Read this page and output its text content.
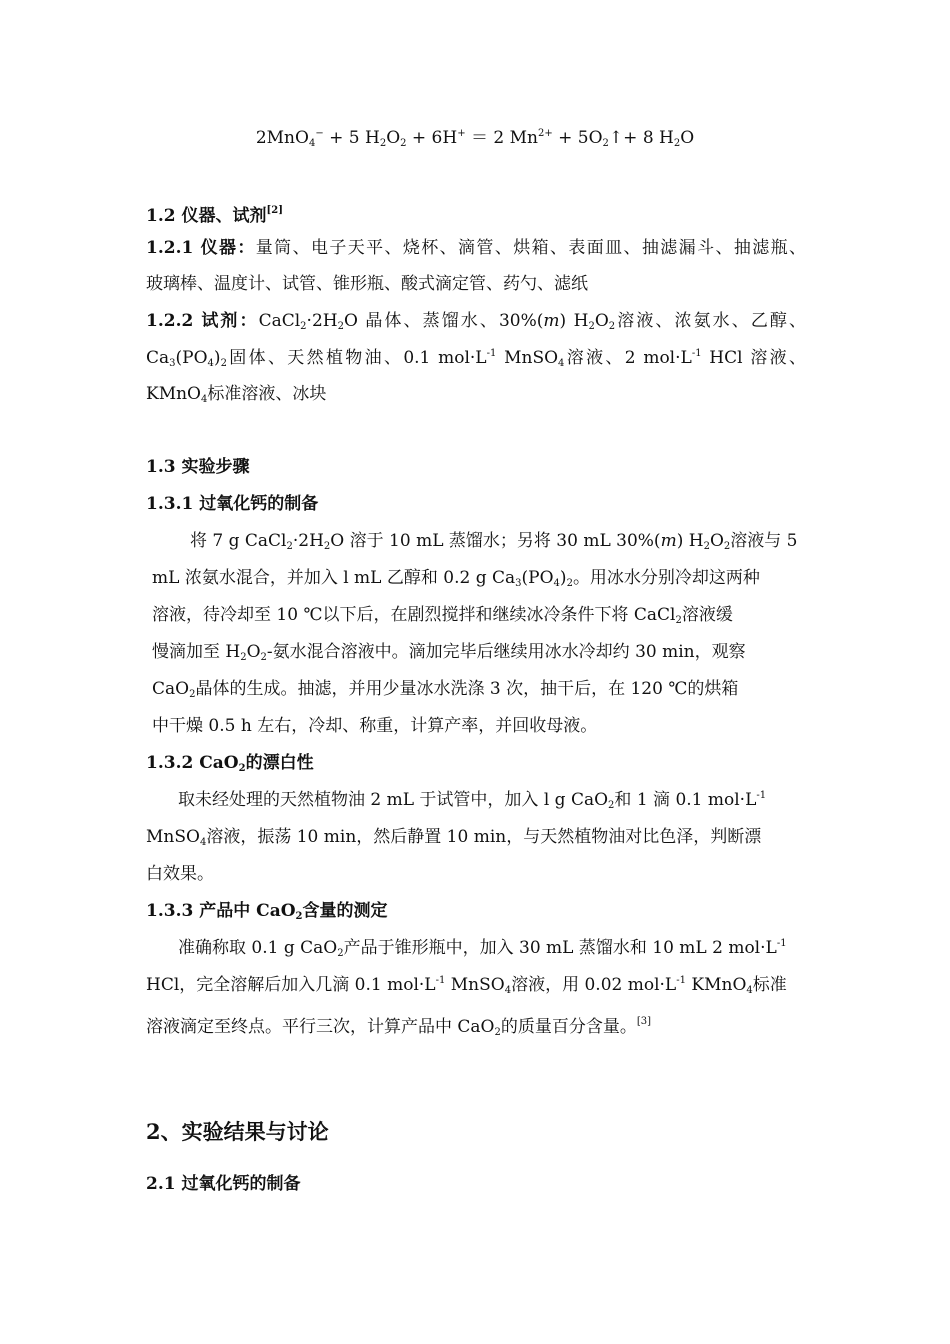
2MnO$_4$− + 5 $H_2O_2 + 6H^+ = 2$ $Mn^{2+}$ + $5O_2↑+ 8$ $H_2O$
1.2 仪器、试剂[2]
1.2.1 仪器：量筒、电子天平、烧杯、滴管、烘箱、表面皿、抽滤漏斗、抽滤瓶、
玻璃棒、温度计、试管、锥形瓶、酸式滴定管、药勺、滤纸
1.2.2 试剂：$CaCl_2\cdot 2H_2O$ 晶体、蒸馏水、30%(m) $H_2O_2$溶液、浓氨水、乙醇、
$Ca_3(PO_4)_2$固体、天然植物油、0.1 $mol\cdot L^{-1}$ MnSO$_4$溶液、2 $mol\cdot L^{-1}$ HCl 溶液、
KMnO$_4$标准溶液、冰块
1.3 实验步骤
1.3.1 过氧化钙的制备
将 7 g $CaCl_2\cdot 2H_2O$ 溶于 10 mL 蒸馏水；另将 30 mL 30%(m) $H_2O_2$溶液与 5
mL 浓氨水混合，并加入 l mL 乙醇和 0.2 g $Ca_3(PO_4)_2$。用冰水分别冷却这两种
溶液，待冷却至 10 ℃以下后，在剧烈搅拌和继续冰冷条件下将 CaCl$_2$溶液缓
慢滴加至 $H_2O_2-$氨水混合溶液中。滴加完毕后继续用冰水冷却约 30 min，观察
CaO$_2$晶体的生成。抽滤，并用少量冰水洗涤 3 次，抽干后，在 120 ℃的烘箱
中干燥 0.5 h 左右，冷却、称重，计算产率，并回收母液。
1.3.2 CaO$_2$的漂白性
取未经处理的天然植物油 2 mL 于试管中，加入 l g CaO$_2$和 1 滴 0.1 $mol\cdot L^{-1}$
MnSO$_4$溶液，振荡 10 min，然后静置 10 min，与天然植物油对比色泽，判断漂
白效果。
1.3.3 产品中 CaO$_2$含量的测定
准确称取 0.1 g CaO$_2$产品于锥形瓶中，加入 30 mL 蒸馏水和 10 mL 2 $mol\cdot L^{-1}$
HCl，完全溶解后加入几滴 0.1 $mol\cdot L^{-1}$ MnSO$_4$溶液，用 0.02 $mol\cdot L^{-1}$ KMnO$_4$标准
溶液滴定至终点。平行三次，计算产品中 CaO$_2$的质量百分含量。[3]
2、实验结果与讨论
2.1 过氧化钙的制备
